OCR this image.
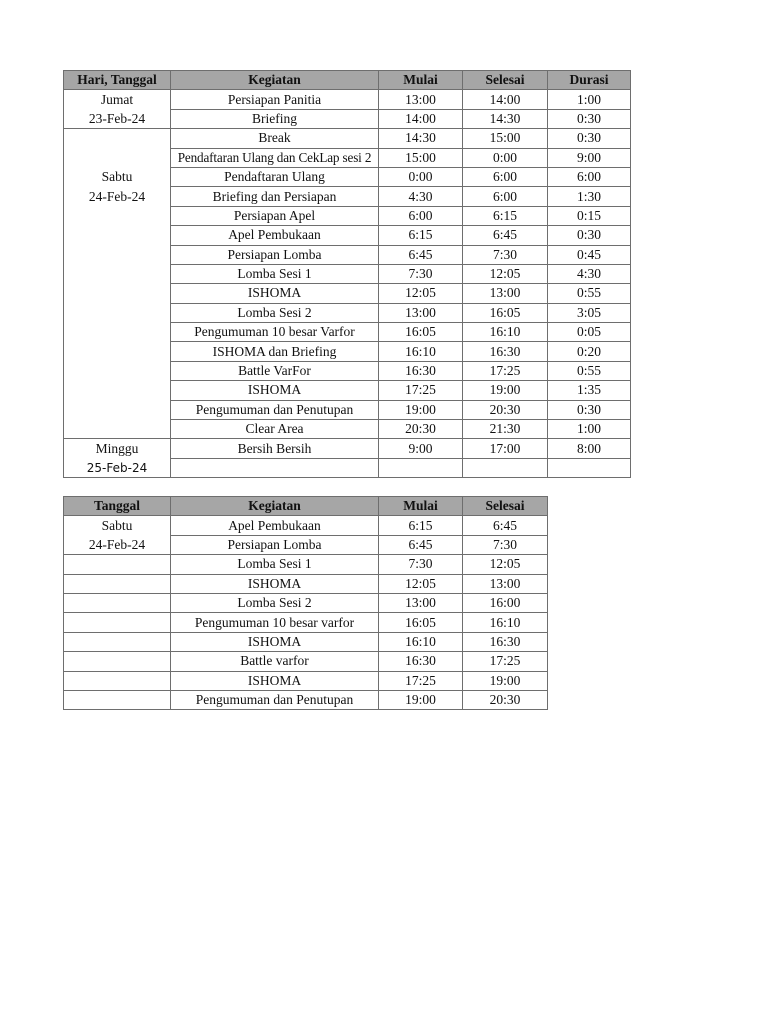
Hari, Tanggal	Kegiatan	Mulai	Selesai	Durasi
Jumat	Persiapan Panitia	13:00	14:00	1:00
23-Feb-24	Briefing	14:00	14:30	0:30
	Break	14:30	15:00	0:30
	Pendaftaran Ulang dan CekLap sesi 2	15:00	0:00	9:00
Sabtu	Pendaftaran Ulang	0:00	6:00	6:00
24-Feb-24	Briefing dan Persiapan	4:30	6:00	1:30
	Persiapan Apel	6:00	6:15	0:15
	Apel Pembukaan	6:15	6:45	0:30
	Persiapan Lomba	6:45	7:30	0:45
	Lomba Sesi 1	7:30	12:05	4:30
	ISHOMA	12:05	13:00	0:55
	Lomba Sesi 2	13:00	16:05	3:05
	Pengumuman 10 besar Varfor	16:05	16:10	0:05
	ISHOMA dan Briefing	16:10	16:30	0:20
	Battle VarFor	16:30	17:25	0:55
	ISHOMA	17:25	19:00	1:35
	Pengumuman dan Penutupan	19:00	20:30	0:30
	Clear Area	20:30	21:30	1:00
Minggu	Bersih Bersih	9:00	17:00	8:00
25-Feb-24				
Tanggal	Kegiatan	Mulai	Selesai
Sabtu	Apel Pembukaan	6:15	6:45
24-Feb-24	Persiapan Lomba	6:45	7:30
	Lomba Sesi 1	7:30	12:05
	ISHOMA	12:05	13:00
	Lomba Sesi 2	13:00	16:00
	Pengumuman 10 besar varfor	16:05	16:10
	ISHOMA	16:10	16:30
	Battle varfor	16:30	17:25
	ISHOMA	17:25	19:00
	Pengumuman dan Penutupan	19:00	20:30
